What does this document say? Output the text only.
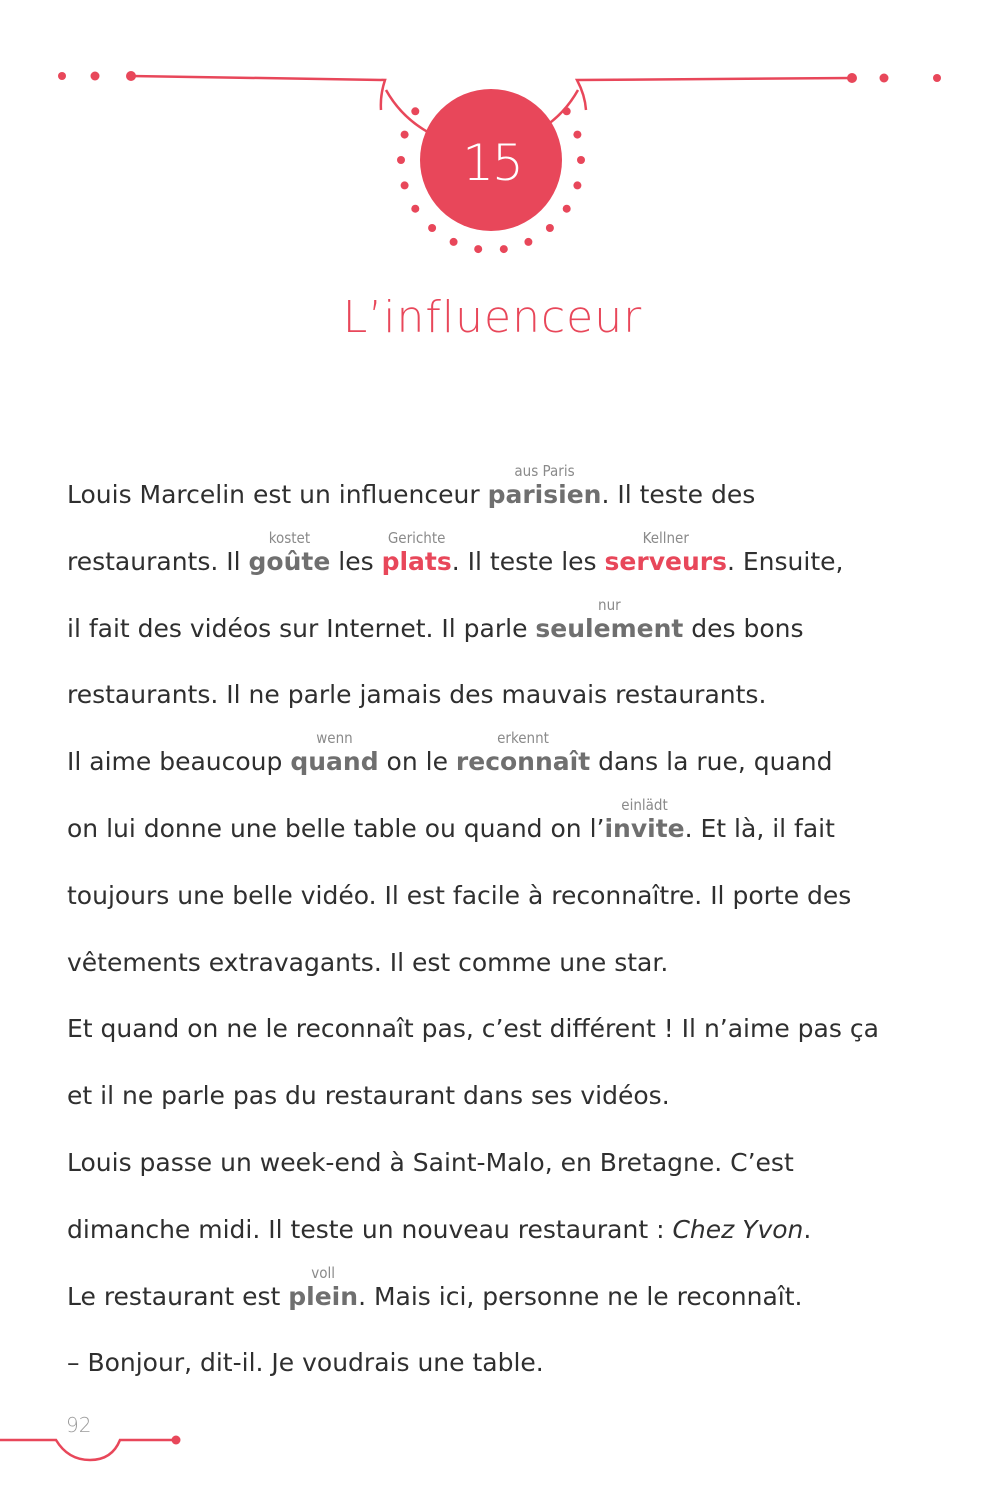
15
L’influenceur
Louis Marcelin est un influenceur
aus Paris
parisien. Il teste des
restaurants. Il
kostet
goûte les
Gerichte
plats. Il teste les
Kellner
serveurs. Ensuite,
il fait des vidéos sur Internet. Il parle
nur
seulement des bons
restaurants. Il ne parle jamais des mauvais restaurants.
Il aime beaucoup
wenn
quand on le
erkennt
reconnaît dans la rue, quand
on lui donne une belle table ou quand on l’
einlädt
invite. Et là, il fait
toujours une belle vidéo. Il est facile à reconnaître. Il porte des
vêtements extravagants. Il est comme une star.
Et quand on ne le reconnaît pas, c’est différent ! Il n’aime pas ça
et il ne parle pas du restaurant dans ses vidéos.
Louis passe un week-end à Saint-Malo, en Bretagne. C’est
dimanche midi. Il teste un nouveau restaurant : Chez Yvon.
Le restaurant est
voll
plein. Mais ici, personne ne le reconnaît.
– Bonjour, dit-il. Je voudrais une table.
92
